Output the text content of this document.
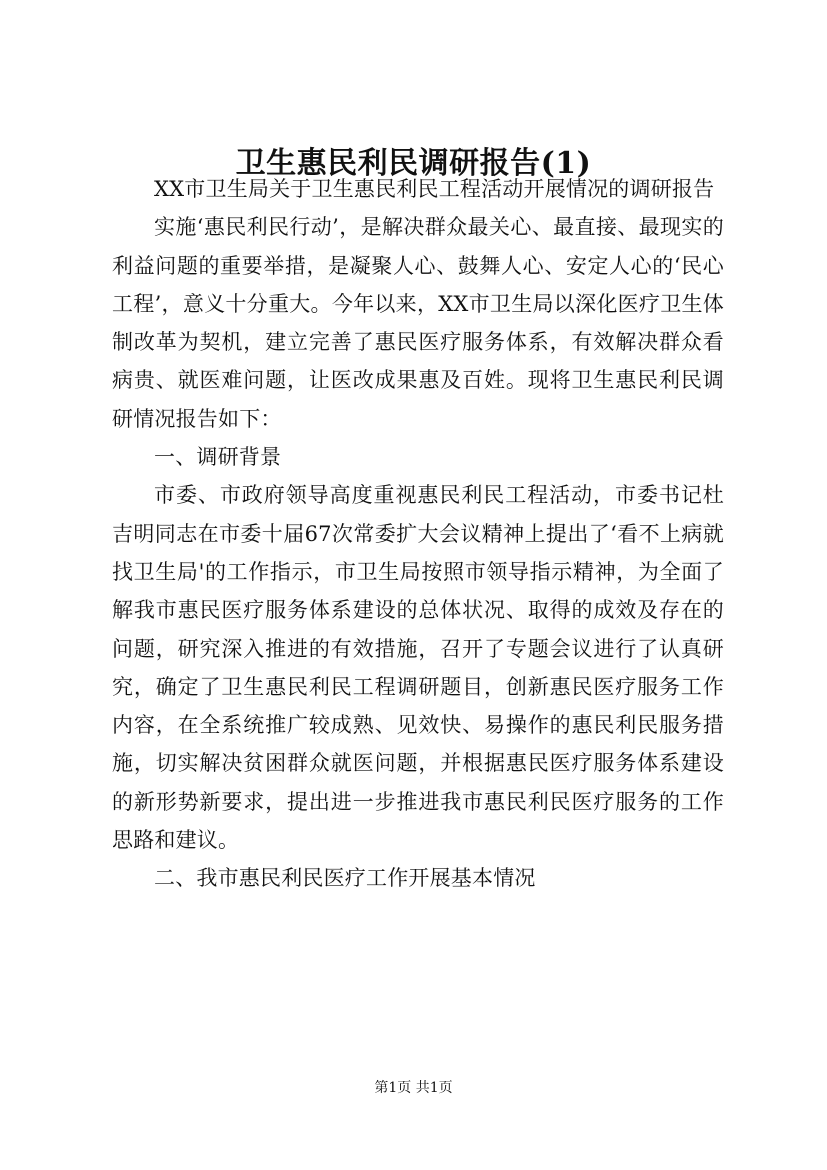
卫生惠民利民调研报告(1)

XX市卫生局关于卫生惠民利民工程活动开展情况的调研报告

实施‘惠民利民行动’，是解决群众最关心、最直接、最现实的利益问题的重要举措，是凝聚人心、鼓舞人心、安定人心的‘民心工程’，意义十分重大。今年以来，XX市卫生局以深化医疗卫生体制改革为契机，建立完善了惠民医疗服务体系，有效解决群众看病贵、就医难问题，让医改成果惠及百姓。现将卫生惠民利民调研情况报告如下：

一、调研背景

市委、市政府领导高度重视惠民利民工程活动，市委书记杜吉明同志在市委十届67次常委扩大会议精神上提出了‘看不上病就找卫生局'的工作指示，市卫生局按照市领导指示精神，为全面了解我市惠民医疗服务体系建设的总体状况、取得的成效及存在的问题，研究深入推进的有效措施，召开了专题会议进行了认真研究，确定了卫生惠民利民工程调研题目，创新惠民医疗服务工作内容，在全系统推广较成熟、见效快、易操作的惠民利民服务措施，切实解决贫困群众就医问题，并根据惠民医疗服务体系建设的新形势新要求，提出进一步推进我市惠民利民医疗服务的工作思路和建议。

二、我市惠民利民医疗工作开展基本情况

第1页 共1页
